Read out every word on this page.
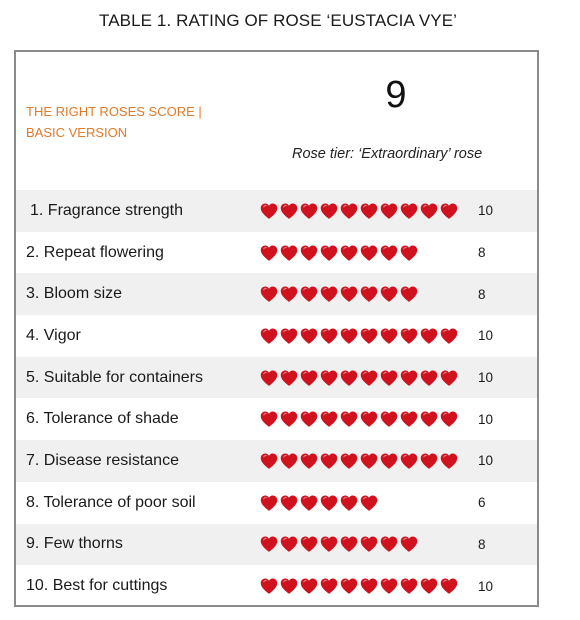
TABLE 1. RATING OF ROSE ‘EUSTACIA VYE’
THE RIGHT ROSES SCORE |
BASIC VERSION
9
Rose tier: ‘Extraordinary’ rose
1. Fragrance strength	10
2. Repeat flowering	8
3. Bloom size	8
4. Vigor	10
5. Suitable for containers	10
6. Tolerance of shade	10
7. Disease resistance	10
8. Tolerance of poor soil	6
9. Few thorns	8
10. Best for cuttings	10
